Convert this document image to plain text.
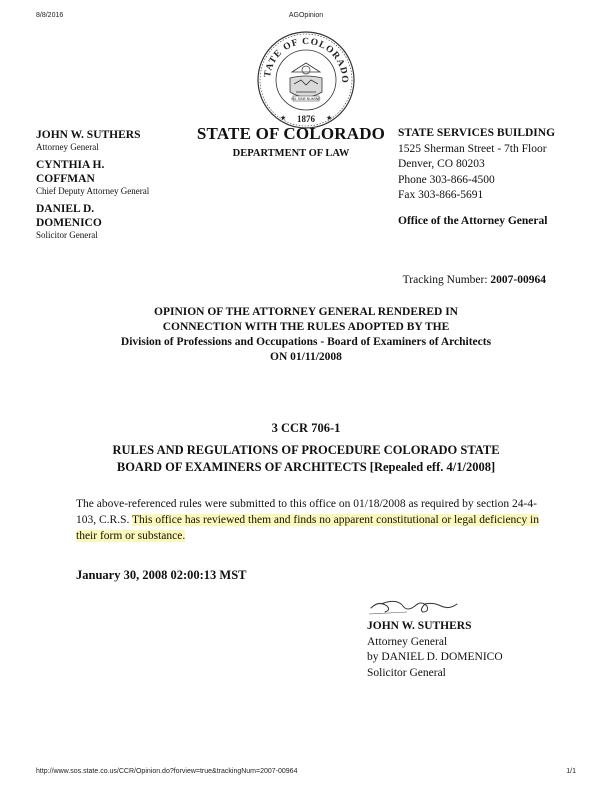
8/8/2016	AGOpinion
TATE OF COLORADO
NIL SINE NUMINE
1876
★	★
JOHN W. SUTHERS
Attorney General
CYNTHIA H. COFFMAN
Chief Deputy Attorney General
DANIEL D. DOMENICO
Solicitor General
STATE OF COLORADO
DEPARTMENT OF LAW
STATE SERVICES BUILDING
1525 Sherman Street - 7th Floor
Denver, CO 80203
Phone 303-866-4500
Fax 303-866-5691
Office of the Attorney General
Tracking Number: 2007-00964
OPINION OF THE ATTORNEY GENERAL RENDERED IN
CONNECTION WITH THE RULES ADOPTED BY THE
Division of Professions and Occupations - Board of Examiners of Architects
ON 01/11/2008
3 CCR 706-1
RULES AND REGULATIONS OF PROCEDURE COLORADO STATE
BOARD OF EXAMINERS OF ARCHITECTS [Repealed eff. 4/1/2008]
The above-referenced rules were submitted to this office on 01/18/2008 as required by section 24-4-103, C.R.S. This office has reviewed them and finds no apparent constitutional or legal deficiency in their form or substance.
January 30, 2008 02:00:13 MST
JOHN W. SUTHERS
Attorney General
by DANIEL D. DOMENICO
Solicitor General
http://www.sos.state.co.us/CCR/Opinion.do?forview=true&trackingNum=2007-00964	1/1
